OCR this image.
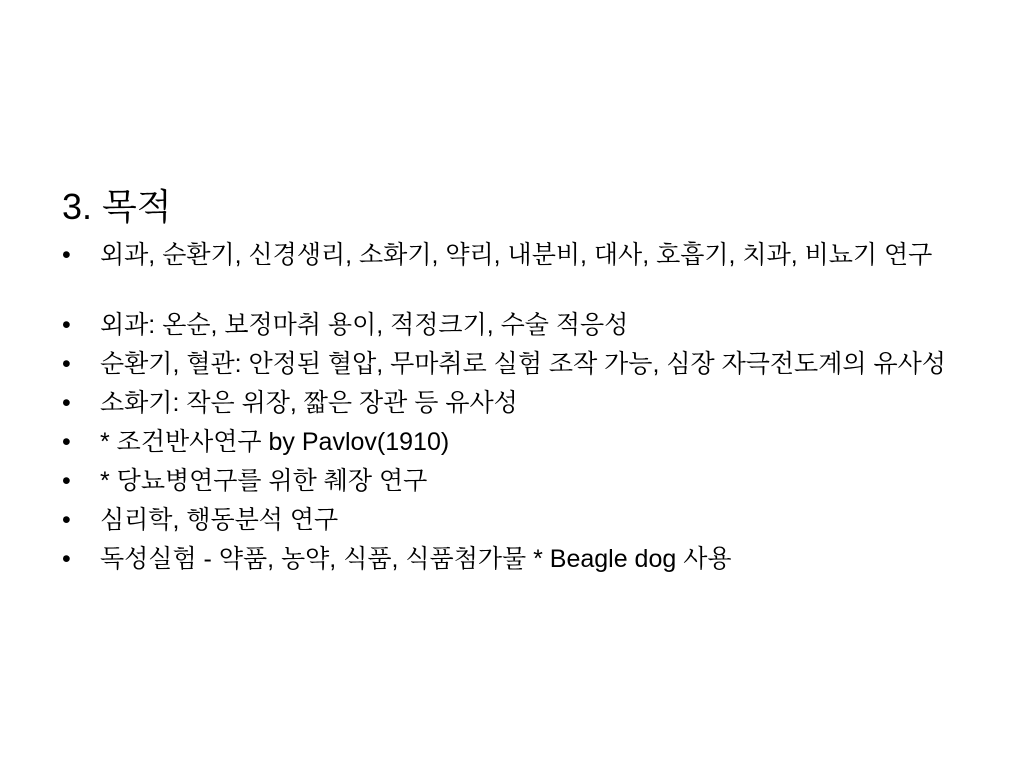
3. 목적
•	외과, 순환기, 신경생리, 소화기, 약리, 내분비, 대사, 호흡기, 치과, 비뇨기 연구
•	외과: 온순, 보정마취 용이, 적정크기, 수술 적응성
•	순환기, 혈관: 안정된 혈압, 무마취로 실험 조작 가능, 심장 자극전도계의 유사성
•	소화기: 작은 위장, 짧은 장관 등 유사성
•	* 조건반사연구 by Pavlov(1910)
•	* 당뇨병연구를 위한 췌장 연구
•	심리학, 행동분석 연구
•	독성실험 - 약품, 농약, 식품, 식품첨가물 * Beagle dog 사용
